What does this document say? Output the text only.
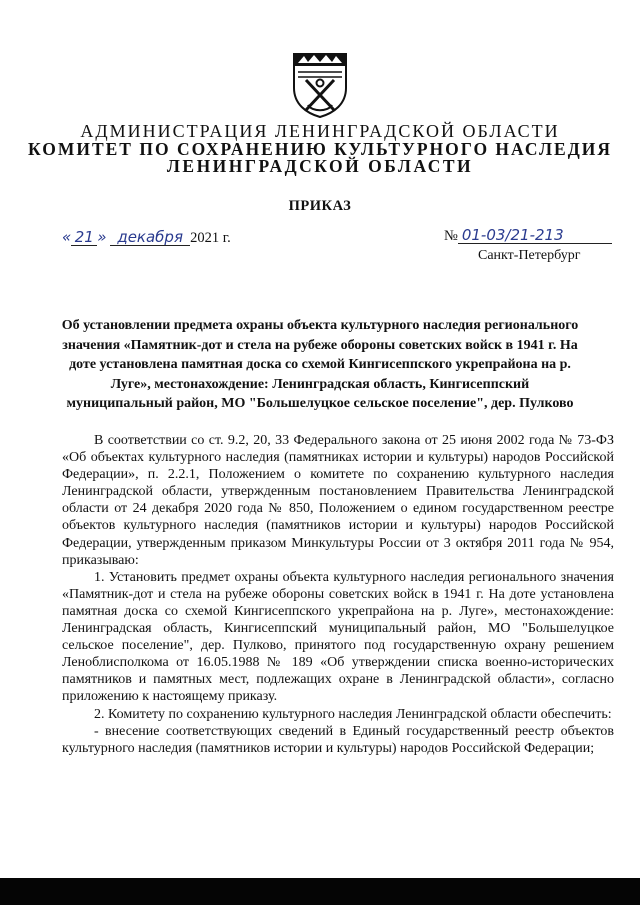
АДМИНИСТРАЦИЯ ЛЕНИНГРАДСКОЙ ОБЛАСТИ
КОМИТЕТ ПО СОХРАНЕНИЮ КУЛЬТУРНОГО НАСЛЕДИЯ
ЛЕНИНГРАДСКОЙ ОБЛАСТИ
ПРИКАЗ
« 21 » декабря 2021 г.	№ 01-03/21-213
Санкт-Петербург
Об установлении предмета охраны объекта культурного наследия регионального значения «Памятник-дот и стела на рубеже обороны советских войск в 1941 г. На доте установлена памятная доска со схемой Кингисеппского укрепрайона на р. Луге», местонахождение: Ленинградская область, Кингисеппский муниципальный район, МО "Большелуцкое сельское поселение", дер. Пулково

В соответствии со ст. 9.2, 20, 33 Федерального закона от 25 июня 2002 года № 73-ФЗ «Об объектах культурного наследия (памятниках истории и культуры) народов Российской Федерации», п. 2.2.1, Положением о комитете по сохранению культурного наследия Ленинградской области, утвержденным постановлением Правительства Ленинградской области от 24 декабря 2020 года № 850, Положением о едином государственном реестре объектов культурного наследия (памятников истории и культуры) народов Российской Федерации, утвержденным приказом Минкультуры России от 3 октября 2011 года № 954, приказываю:

1. Установить предмет охраны объекта культурного наследия регионального значения «Памятник-дот и стела на рубеже обороны советских войск в 1941 г. На доте установлена памятная доска со схемой Кингисеппского укрепрайона на р. Луге», местонахождение: Ленинградская область, Кингисеппский муниципальный район, МО "Большелуцкое сельское поселение", дер. Пулково, принятого под государственную охрану решением Леноблисполкома от 16.05.1988 № 189 «Об утверждении списка военно-исторических памятников и памятных мест, подлежащих охране в Ленинградской области», согласно приложению к настоящему приказу.

2. Комитету по сохранению культурного наследия Ленинградской области обеспечить:

- внесение соответствующих сведений в Единый государственный реестр объектов культурного наследия (памятников истории и культуры) народов Российской Федерации;
